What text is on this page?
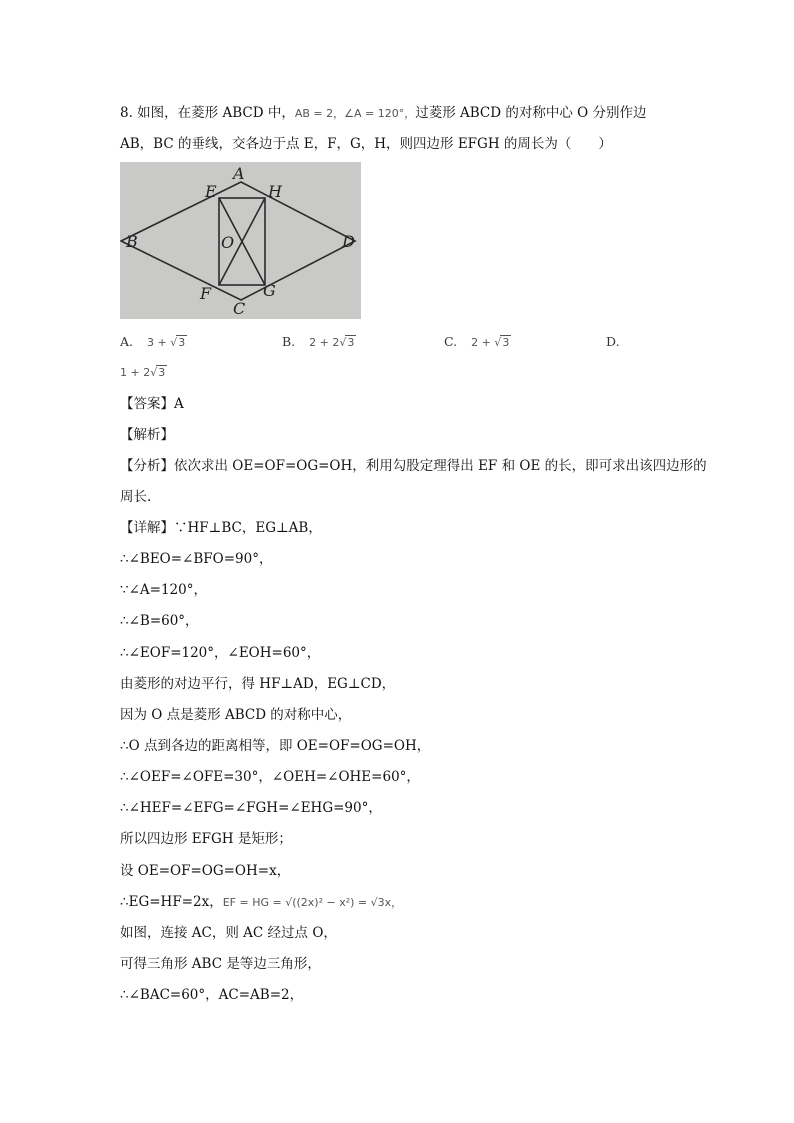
8. 如图，在菱形 ABCD 中，AB = 2，∠A = 120°，过菱形 ABCD 的对称中心 O 分别作边
AB，BC 的垂线，交各边于点 E，F，G，H，则四边形 EFGH 的周长为（　　）
A
B
C
D
E
F	G
H
O
A. 3 + √3	B. 2 + 2√3	C. 2 + √3	D.
1 + 2√3
【答案】A
【解析】
【分析】依次求出 OE=OF=OG=OH，利用勾股定理得出 EF 和 OE 的长，即可求出该四边形的
周长.
【详解】∵HF⊥BC，EG⊥AB，
∴∠BEO=∠BFO=90°，
∵∠A=120°，
∴∠B=60°，
∴∠EOF=120°，∠EOH=60°，
由菱形的对边平行，得 HF⊥AD，EG⊥CD，
因为 O 点是菱形 ABCD 的对称中心，
∴O 点到各边的距离相等，即 OE=OF=OG=OH，
∴∠OEF=∠OFE=30°，∠OEH=∠OHE=60°，
∴∠HEF=∠EFG=∠FGH=∠EHG=90°，
所以四边形 EFGH 是矩形；
设 OE=OF=OG=OH=x，
∴EG=HF=2x，EF = HG = √((2x)² − x²) = √3x，
如图，连接 AC，则 AC 经过点 O，
可得三角形 ABC 是等边三角形，
∴∠BAC=60°，AC=AB=2，
